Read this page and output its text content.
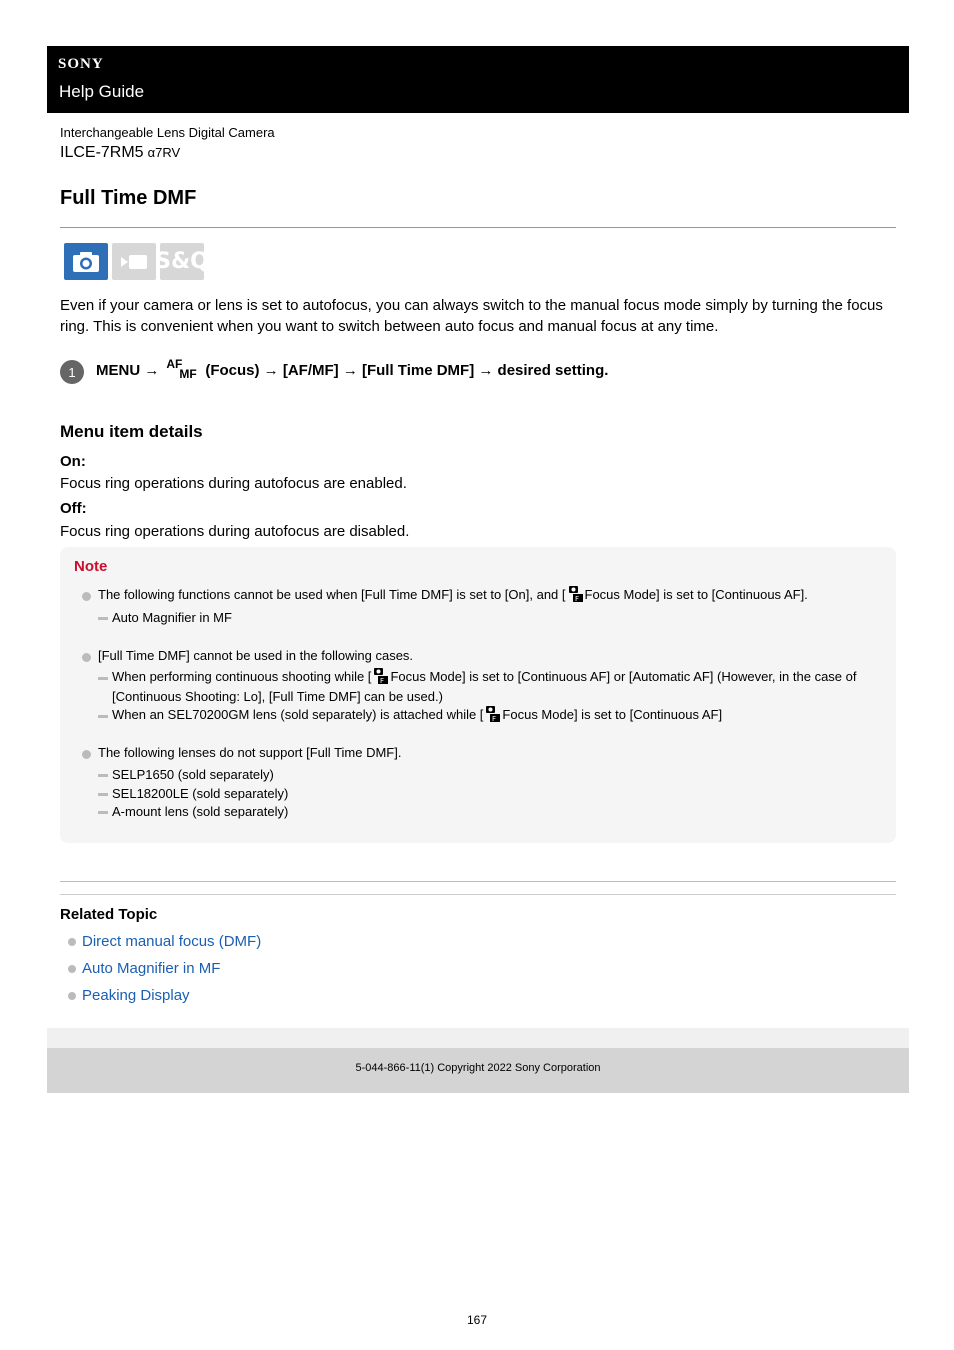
SONY
Help Guide
Interchangeable Lens Digital Camera
ILCE-7RM5 α7RV
Full Time DMF
S&Q
Even if your camera or lens is set to autofocus, you can always switch to the manual focus mode simply by turning the focus ring. This is convenient when you want to switch between auto focus and manual focus at any time.
1	MENU → AF
MF (Focus) → [AF/MF] → [Full Time DMF] → desired setting.
Menu item details
On:
Focus ring operations during autofocus are enabled.
Off:
Focus ring operations during autofocus are disabled.
Note
The following functions cannot be used when [Full Time DMF] is set to [On], and [ F Focus Mode] is set to [Continuous AF].
Auto Magnifier in MF
[Full Time DMF] cannot be used in the following cases.
When performing continuous shooting while [ F Focus Mode] is set to [Continuous AF] or [Automatic AF] (However, in the case of [Continuous Shooting: Lo], [Full Time DMF] can be used.)
When an SEL70200GM lens (sold separately) is attached while [ F Focus Mode] is set to [Continuous AF]
The following lenses do not support [Full Time DMF].
SELP1650 (sold separately)
SEL18200LE (sold separately)
A-mount lens (sold separately)
Related Topic
Direct manual focus (DMF)
Auto Magnifier in MF
Peaking Display
5-044-866-11(1) Copyright 2022 Sony Corporation
167
